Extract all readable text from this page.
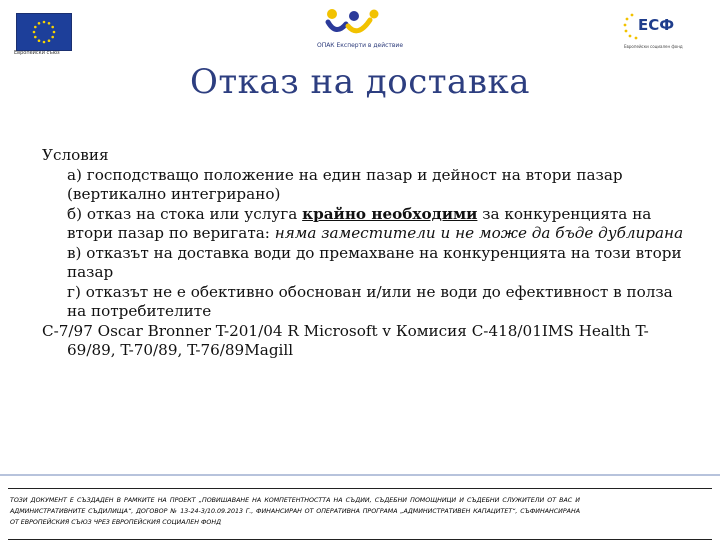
Европейски съюз
ОПАК Експерти в действие
ЕСФ
Европейски социален фонд
Отказ на доставка

Условия

а) господстващо положение на един пазар и дейност на втори пазар (вертикално интегрирано)

б) отказ на стока или услуга крайно необходими за конкуренцията на втори пазар по веригата: няма заместители и не може да бъде дублирана

в) отказът на доставка води до премахване на конкуренцията на този втори пазар

г) отказът не е обективно обоснован и/или не води до ефективност в полза на потребителите

C-7/97 Oscar Bronner T-201/04 R Microsoft v Комисия C-418/01IMS Health T-69/89, T-70/89, T-76/89Magill

ТОЗИ ДОКУМЕНТ Е СЪЗДАДЕН В РАМКИТЕ НА ПРОЕКТ „ПОВИШАВАНЕ НА КОМПЕТЕНТНОСТТА НА СЪДИИ, СЪДЕБНИ ПОМОЩНИЦИ И СЪДЕБНИ СЛУЖИТЕЛИ ОТ ВАС И АДМИНИСТРАТИВНИТЕ СЪДИЛИЩА“, ДОГОВОР № 13-24-3/10.09.2013 Г., ФИНАНСИРАН ОТ ОПЕРАТИВНА ПРОГРАМА „АДМИНИСТРАТИВЕН КАПАЦИТЕТ“, СЪФИНАНСИРАНА ОТ ЕВРОПЕЙСКИЯ СЪЮЗ ЧРЕЗ ЕВРОПЕЙСКИЯ СОЦИАЛЕН ФОНД
